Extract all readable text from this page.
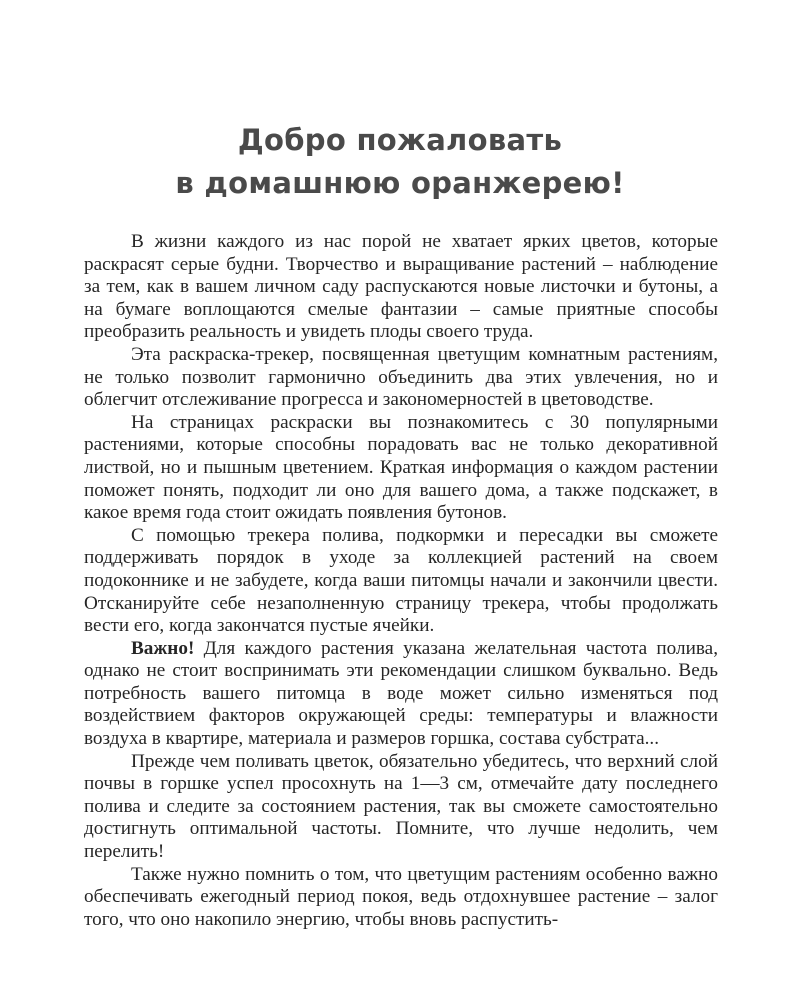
Добро пожаловать
в домашнюю оранжерею!

В жизни каждого из нас порой не хватает ярких цветов, которые раскрасят серые будни. Творчество и выращивание растений – наблюдение за тем, как в вашем личном саду распускаются новые листочки и бутоны, а на бумаге воплощаются смелые фантазии – самые приятные способы преобразить реальность и увидеть плоды своего труда.

Эта раскраска-трекер, посвященная цветущим комнатным растениям, не только позволит гармонично объединить два этих увлечения, но и облегчит отслеживание прогресса и закономерностей в цветоводстве.

На страницах раскраски вы познакомитесь с 30 популярными растениями, которые способны порадовать вас не только декоративной листвой, но и пышным цветением. Краткая информация о каждом растении поможет понять, подходит ли оно для вашего дома, а также подскажет, в какое время года стоит ожидать появления бутонов.

С помощью трекера полива, подкормки и пересадки вы сможете поддерживать порядок в уходе за коллекцией растений на своем подоконнике и не забудете, когда ваши питомцы начали и закончили цвести. Отсканируйте себе незаполненную страницу трекера, чтобы продолжать вести его, когда закончатся пустые ячейки.

Важно! Для каждого растения указана желательная частота полива, однако не стоит воспринимать эти рекомендации слишком буквально. Ведь потребность вашего питомца в воде может сильно изменяться под воздействием факторов окружающей среды: температуры и влажности воздуха в квартире, материала и размеров горшка, состава субстрата...

Прежде чем поливать цветок, обязательно убедитесь, что верхний слой почвы в горшке успел просохнуть на 1—3 см, отмечайте дату последнего полива и следите за состоянием растения, так вы сможете самостоятельно достигнуть оптимальной частоты. Помните, что лучше недолить, чем перелить!

Также нужно помнить о том, что цветущим растениям особенно важно обеспечивать ежегодный период покоя, ведь отдохнувшее растение – залог того, что оно накопило энергию, чтобы вновь распустить-
